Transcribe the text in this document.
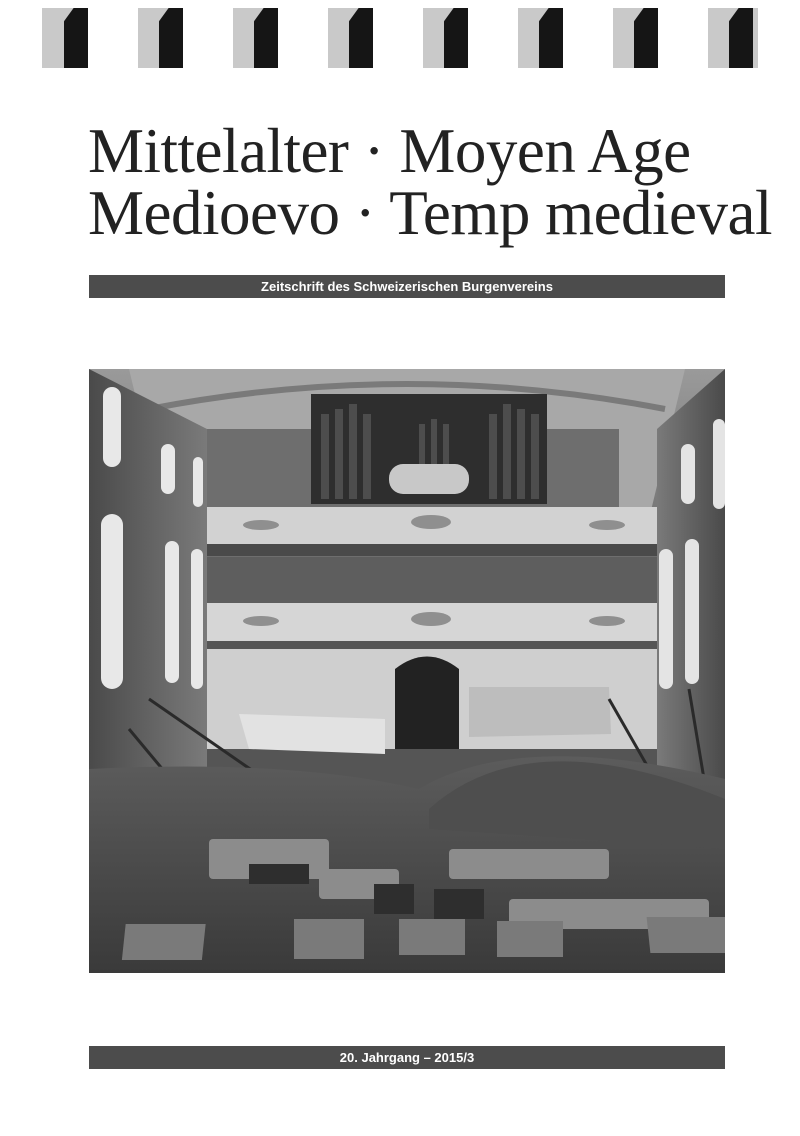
Mittelalter · Moyen Age
Medioevo · Temp medieval
Zeitschrift des Schweizerischen Burgenvereins
20. Jahrgang – 2015/3
